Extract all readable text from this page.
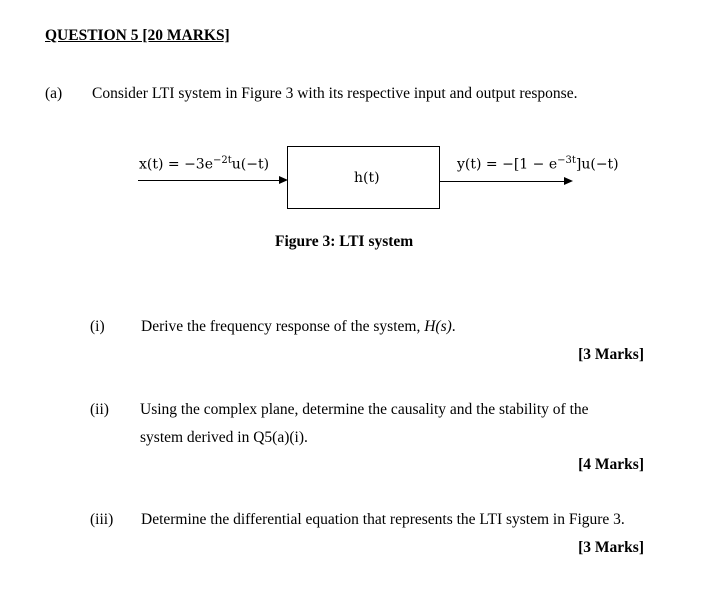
QUESTION 5 [20 MARKS]
(a) Consider LTI system in Figure 3 with its respective input and output response.
$x(t) = -3e^{-2t}u(-t)$
h(t)
$y(t) = -[1 - e^{-3t}]u(-t)$
Figure 3: LTI system
(i) Derive the frequency response of the system, H(s).
[3 Marks]
(ii) Using the complex plane, determine the causality and the stability of the
system derived in Q5(a)(i).
[4 Marks]
(iii) Determine the differential equation that represents the LTI system in Figure 3.
[3 Marks]
